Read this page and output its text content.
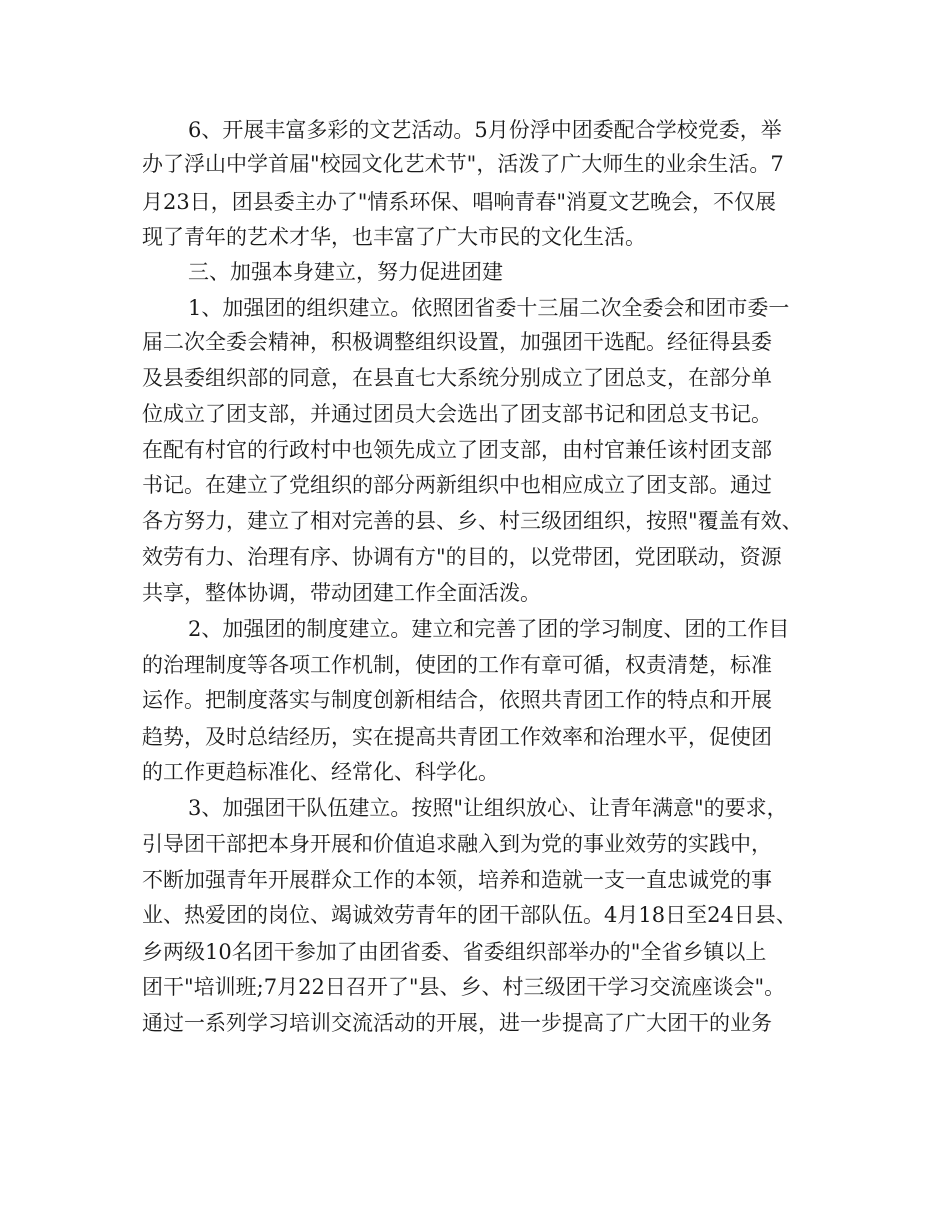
6、开展丰富多彩的文艺活动。5月份浮中团委配合学校党委，举
办了浮山中学首届"校园文化艺术节"，活泼了广大师生的业余生活。7
月23日，团县委主办了"情系环保、唱响青春"消夏文艺晚会，不仅展
现了青年的艺术才华，也丰富了广大市民的文化生活。
三、加强本身建立，努力促进团建
1、加强团的组织建立。依照团省委十三届二次全委会和团市委一
届二次全委会精神，积极调整组织设置，加强团干选配。经征得县委
及县委组织部的同意，在县直七大系统分别成立了团总支，在部分单
位成立了团支部，并通过团员大会选出了团支部书记和团总支书记。
在配有村官的行政村中也领先成立了团支部，由村官兼任该村团支部
书记。在建立了党组织的部分两新组织中也相应成立了团支部。通过
各方努力，建立了相对完善的县、乡、村三级团组织，按照"覆盖有效、
效劳有力、治理有序、协调有方"的目的，以党带团，党团联动，资源
共享，整体协调，带动团建工作全面活泼。
2、加强团的制度建立。建立和完善了团的学习制度、团的工作目
的治理制度等各项工作机制，使团的工作有章可循，权责清楚，标准
运作。把制度落实与制度创新相结合，依照共青团工作的特点和开展
趋势，及时总结经历，实在提高共青团工作效率和治理水平，促使团
的工作更趋标准化、经常化、科学化。
3、加强团干队伍建立。按照"让组织放心、让青年满意"的要求，
引导团干部把本身开展和价值追求融入到为党的事业效劳的实践中，
不断加强青年开展群众工作的本领，培养和造就一支一直忠诚党的事
业、热爱团的岗位、竭诚效劳青年的团干部队伍。4月18日至24日县、
乡两级10名团干参加了由团省委、省委组织部举办的"全省乡镇以上
团干"培训班;7月22日召开了"县、乡、村三级团干学习交流座谈会"。
通过一系列学习培训交流活动的开展，进一步提高了广大团干的业务
